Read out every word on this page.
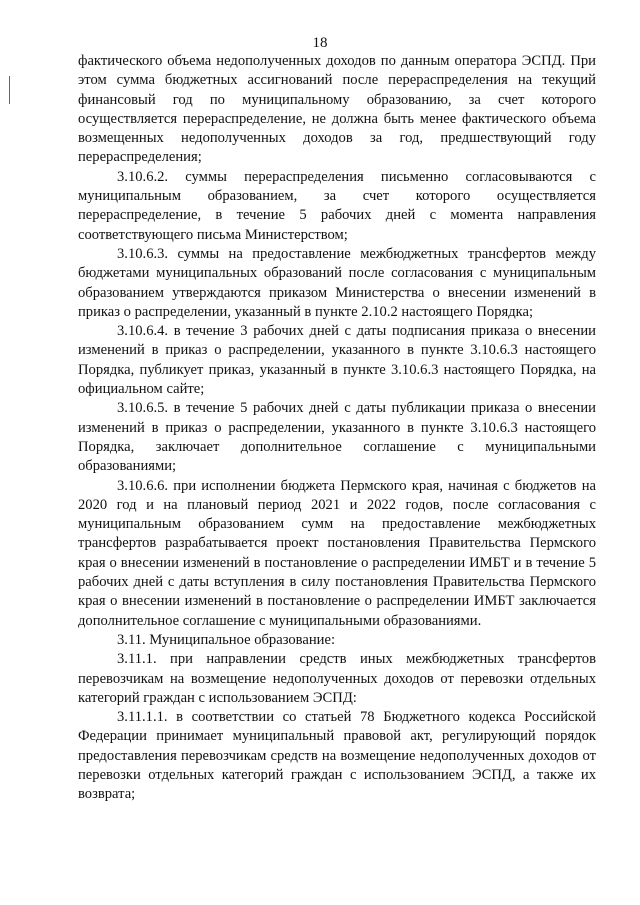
18

фактического объема недополученных доходов по данным оператора ЭСПД. При этом сумма бюджетных ассигнований после перераспределения на текущий финансовый год по муниципальному образованию, за счет которого осуществляется перераспределение, не должна быть менее фактического объема возмещенных недополученных доходов за год, предшествующий году перераспределения;

3.10.6.2. суммы перераспределения письменно согласовываются с муниципальным образованием, за счет которого осуществляется перераспределение, в течение 5 рабочих дней с момента направления соответствующего письма Министерством;

3.10.6.3. суммы на предоставление межбюджетных трансфертов между бюджетами муниципальных образований после согласования с муниципальным образованием утверждаются приказом Министерства о внесении изменений в приказ о распределении, указанный в пункте 2.10.2 настоящего Порядка;

3.10.6.4. в течение 3 рабочих дней с даты подписания приказа о внесении изменений в приказ о распределении, указанного в пункте 3.10.6.3 настоящего Порядка, публикует приказ, указанный в пункте 3.10.6.3 настоящего Порядка, на официальном сайте;

3.10.6.5. в течение 5 рабочих дней с даты публикации приказа о внесении изменений в приказ о распределении, указанного в пункте 3.10.6.3 настоящего Порядка, заключает дополнительное соглашение с муниципальными образованиями;

3.10.6.6. при исполнении бюджета Пермского края, начиная с бюджетов на 2020 год и на плановый период 2021 и 2022 годов, после согласования с муниципальным образованием сумм на предоставление межбюджетных трансфертов разрабатывается проект постановления Правительства Пермского края о внесении изменений в постановление о распределении ИМБТ и в течение 5 рабочих дней с даты вступления в силу постановления Правительства Пермского края о внесении изменений в постановление о распределении ИМБТ заключается дополнительное соглашение с муниципальными образованиями.

3.11. Муниципальное образование:

3.11.1. при направлении средств иных межбюджетных трансфертов перевозчикам на возмещение недополученных доходов от перевозки отдельных категорий граждан с использованием ЭСПД:

3.11.1.1. в соответствии со статьей 78 Бюджетного кодекса Российской Федерации принимает муниципальный правовой акт, регулирующий порядок предоставления перевозчикам средств на возмещение недополученных доходов от перевозки отдельных категорий граждан с использованием ЭСПД, а также их возврата;
